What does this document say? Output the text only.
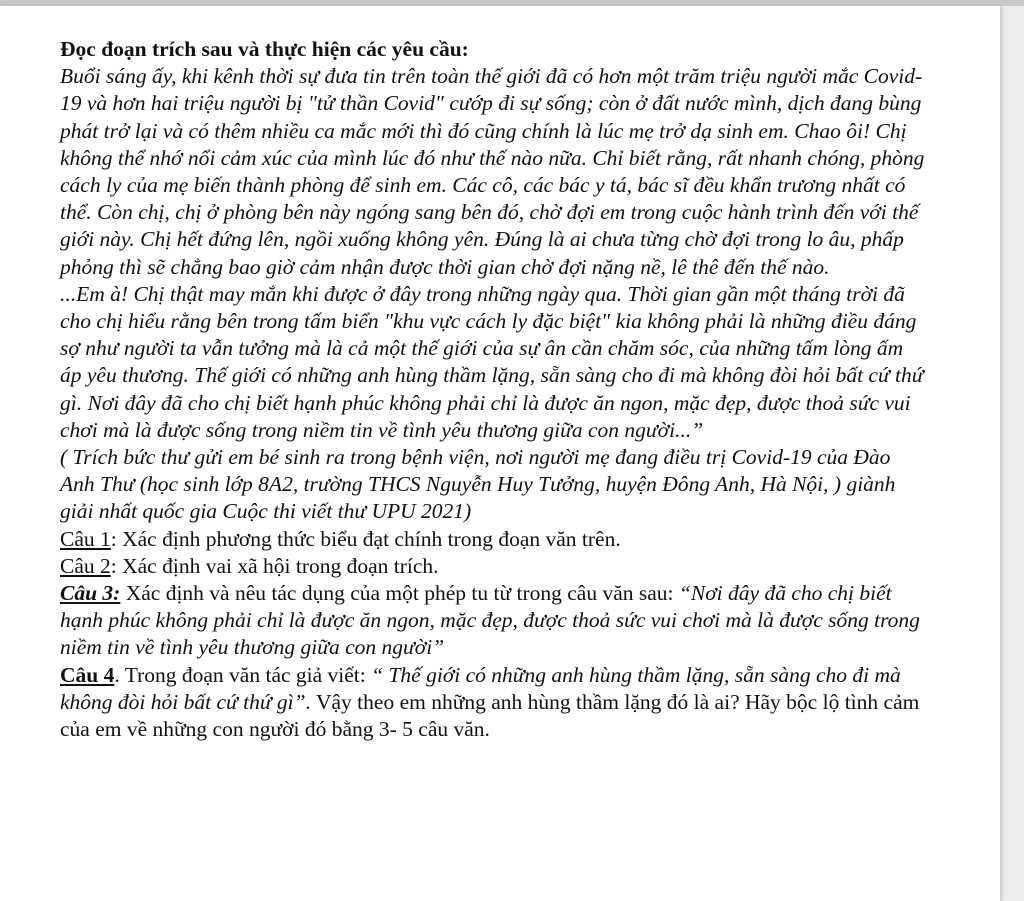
Đọc đoạn trích sau và thực hiện các yêu cầu:

Buổi sáng ấy, khi kênh thời sự đưa tin trên toàn thế giới đã có hơn một trăm triệu người mắc Covid-19 và hơn hai triệu người bị "tử thần Covid" cướp đi sự sống; còn ở đất nước mình, dịch đang bùng phát trở lại và có thêm nhiều ca mắc mới thì đó cũng chính là lúc mẹ trở dạ sinh em. Chao ôi! Chị không thể nhớ nổi cảm xúc của mình lúc đó như thế nào nữa. Chỉ biết rằng, rất nhanh chóng, phòng cách ly của mẹ biến thành phòng để sinh em. Các cô, các bác y tá, bác sĩ đều khẩn trương nhất có thể. Còn chị, chị ở phòng bên này ngóng sang bên đó, chờ đợi em trong cuộc hành trình đến với thế giới này. Chị hết đứng lên, ngồi xuống không yên. Đúng là ai chưa từng chờ đợi trong lo âu, phấp phỏng thì sẽ chẳng bao giờ cảm nhận được thời gian chờ đợi nặng nề, lê thê đến thế nào.

...Em à! Chị thật may mắn khi được ở đây trong những ngày qua. Thời gian gần một tháng trời đã cho chị hiểu rằng bên trong tấm biển "khu vực cách ly đặc biệt" kia không phải là những điều đáng sợ như người ta vẫn tưởng mà là cả một thế giới của sự ân cần chăm sóc, của những tấm lòng ấm áp yêu thương. Thế giới có những anh hùng thầm lặng, sẵn sàng cho đi mà không đòi hỏi bất cứ thứ gì. Nơi đây đã cho chị biết hạnh phúc không phải chỉ là được ăn ngon, mặc đẹp, được thoả sức vui chơi mà là được sống trong niềm tin về tình yêu thương giữa con người...”

( Trích bức thư gửi em bé sinh ra trong bệnh viện, nơi người mẹ đang điều trị Covid-19 của Đào Anh Thư (học sinh lớp 8A2, trường THCS Nguyễn Huy Tưởng, huyện Đông Anh, Hà Nội, ) giành giải nhất quốc gia Cuộc thi viết thư UPU 2021)

Câu 1: Xác định phương thức biểu đạt chính trong đoạn văn trên.

Câu 2: Xác định vai xã hội trong đoạn trích.

Câu 3: Xác định và nêu tác dụng của một phép tu từ trong câu văn sau: “Nơi đây đã cho chị biết hạnh phúc không phải chỉ là được ăn ngon, mặc đẹp, được thoả sức vui chơi mà là được sống trong niềm tin về tình yêu thương giữa con người”

Câu 4. Trong đoạn văn tác giả viết: “ Thế giới có những anh hùng thầm lặng, sẵn sàng cho đi mà không đòi hỏi bất cứ thứ gì”. Vậy theo em những anh hùng thầm lặng đó là ai? Hãy bộc lộ tình cảm của em về những con người đó bằng 3- 5 câu văn.
